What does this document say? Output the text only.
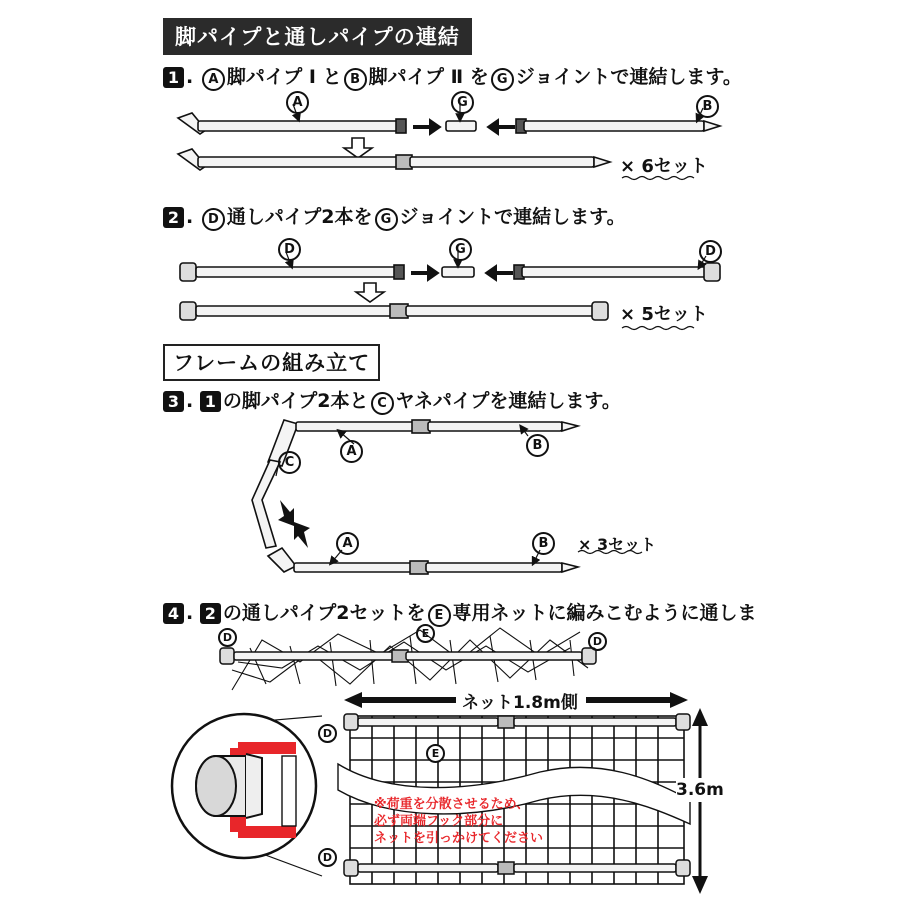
脚パイプと通しパイプの連結
1 . A 脚パイプ Ⅰ と B 脚パイプ Ⅱ を G ジョイントで連結します。
A	G	B
× 6セット
2 . D 通しパイプ2本を G ジョイントで連結します。
D	G	D
× 5セット
フレームの組み立て
3 . 1 の脚パイプ2本と C ヤネパイプを連結します。
C
A	B
A	B	× 3セット
4 . 2 の通しパイプ2セットを E 専用ネットに編みこむように通しま
D	E
D
ネット1.8m側
3.6m
D
E
D
※荷重を分散させるため、
必ず両端フック部分に
ネットを引っかけてください
